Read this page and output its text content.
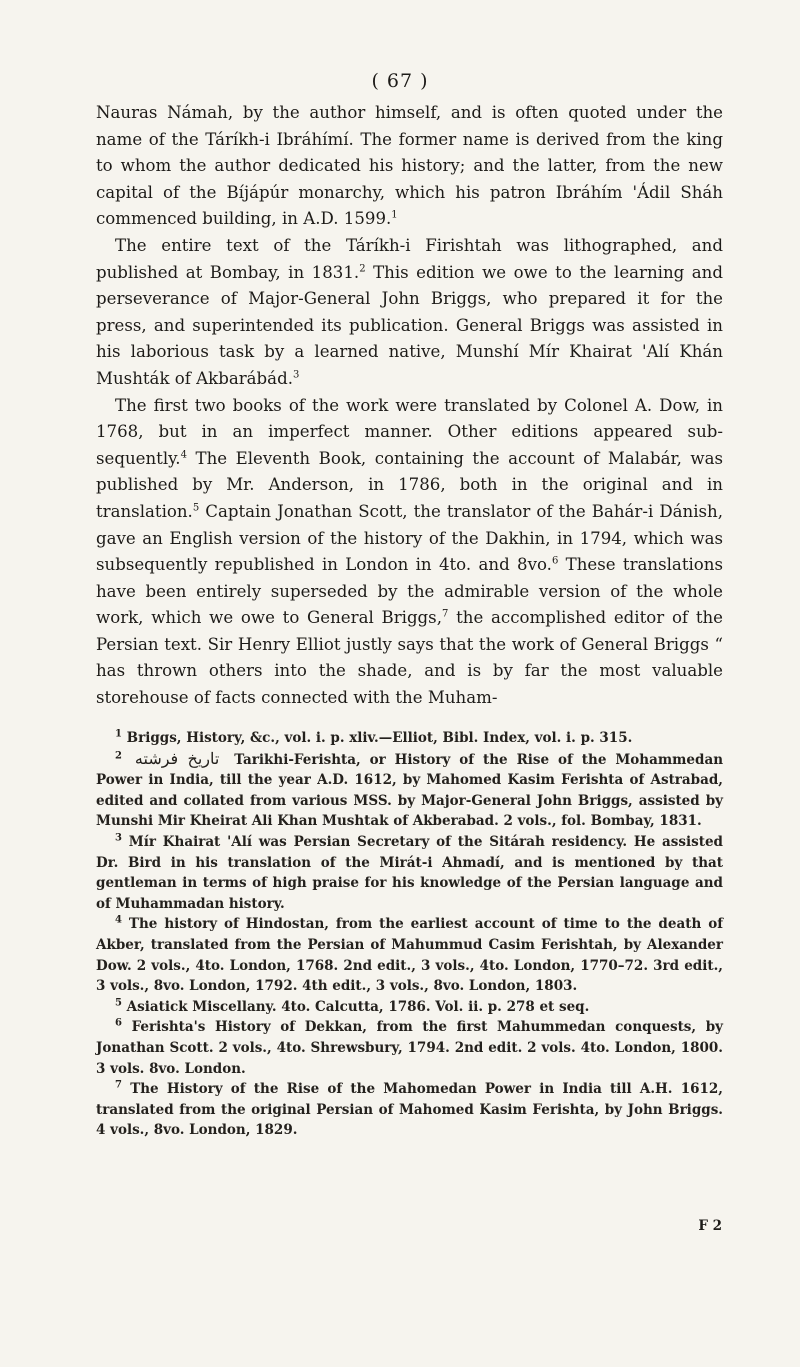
( 67 )

Nauras Námah, by the author himself, and is often quoted under the name of the Táríkh-i Ibráhímí. The former name is derived from the king to whom the author dedicated his history; and the latter, from the new capital of the Bíjápúr monarchy, which his patron Ibráhím 'Ádil Sháh commenced building, in A.D. 1599.$^1$

The entire text of the Táríkh-i Firishtah was lithographed, and published at Bombay, in 1831.$^2$ This edition we owe to the learning and perseverance of Major-General John Briggs, who prepared it for the press, and superintended its publication. General Briggs was assisted in his laborious task by a learned native, Munshí Mír Khairat 'Alí Khán Mushták of Akbarábád.$^3$

The first two books of the work were translated by Colonel A. Dow, in 1768, but in an imperfect manner. Other editions appeared sub-sequently.$^4$ The Eleventh Book, containing the account of Malabár, was published by Mr. Anderson, in 1786, both in the original and in translation.$^5$ Captain Jonathan Scott, the translator of the Bahár-i Dánish, gave an English version of the history of the Dakhin, in 1794, which was subsequently republished in London in 4to. and 8vo.$^6$ These translations have been entirely superseded by the admirable version of the whole work, which we owe to General Briggs,$^7$ the accomplished editor of the Persian text. Sir Henry Elliot justly says that the work of General Briggs “ has thrown others into the shade, and is by far the most valuable storehouse of facts connected with the Muham-

$^1$ Briggs, History, &c., vol. i. p. xliv.—Elliot, Bibl. Index, vol. i. p. 315.

$^2$ تاریخ فرشته Tarikhi-Ferishta, or History of the Rise of the Mohammedan Power in India, till the year A.D. 1612, by Mahomed Kasim Ferishta of Astrabad, edited and collated from various MSS. by Major-General John Briggs, assisted by Munshi Mir Kheirat Ali Khan Mushtak of Akberabad. 2 vols., fol. Bombay, 1831.

$^3$ Mír Khairat 'Alí was Persian Secretary of the Sitárah residency. He assisted Dr. Bird in his translation of the Mirát-i Ahmadí, and is mentioned by that gentleman in terms of high praise for his knowledge of the Persian language and of Muhammadan history.

$^4$ The history of Hindostan, from the earliest account of time to the death of Akber, translated from the Persian of Mahummud Casim Ferishtah, by Alexander Dow. 2 vols., 4to. London, 1768. 2nd edit., 3 vols., 4to. London, 1770–72. 3rd edit., 3 vols., 8vo. London, 1792. 4th edit., 3 vols., 8vo. London, 1803.

$^5$ Asiatick Miscellany. 4to. Calcutta, 1786. Vol. ii. p. 278 et seq.

$^6$ Ferishta's History of Dekkan, from the first Mahummedan conquests, by Jonathan Scott. 2 vols., 4to. Shrewsbury, 1794. 2nd edit. 2 vols. 4to. London, 1800. 3 vols. 8vo. London.

$^7$ The History of the Rise of the Mahomedan Power in India till A.H. 1612, translated from the original Persian of Mahomed Kasim Ferishta, by John Briggs. 4 vols., 8vo. London, 1829.

F 2
